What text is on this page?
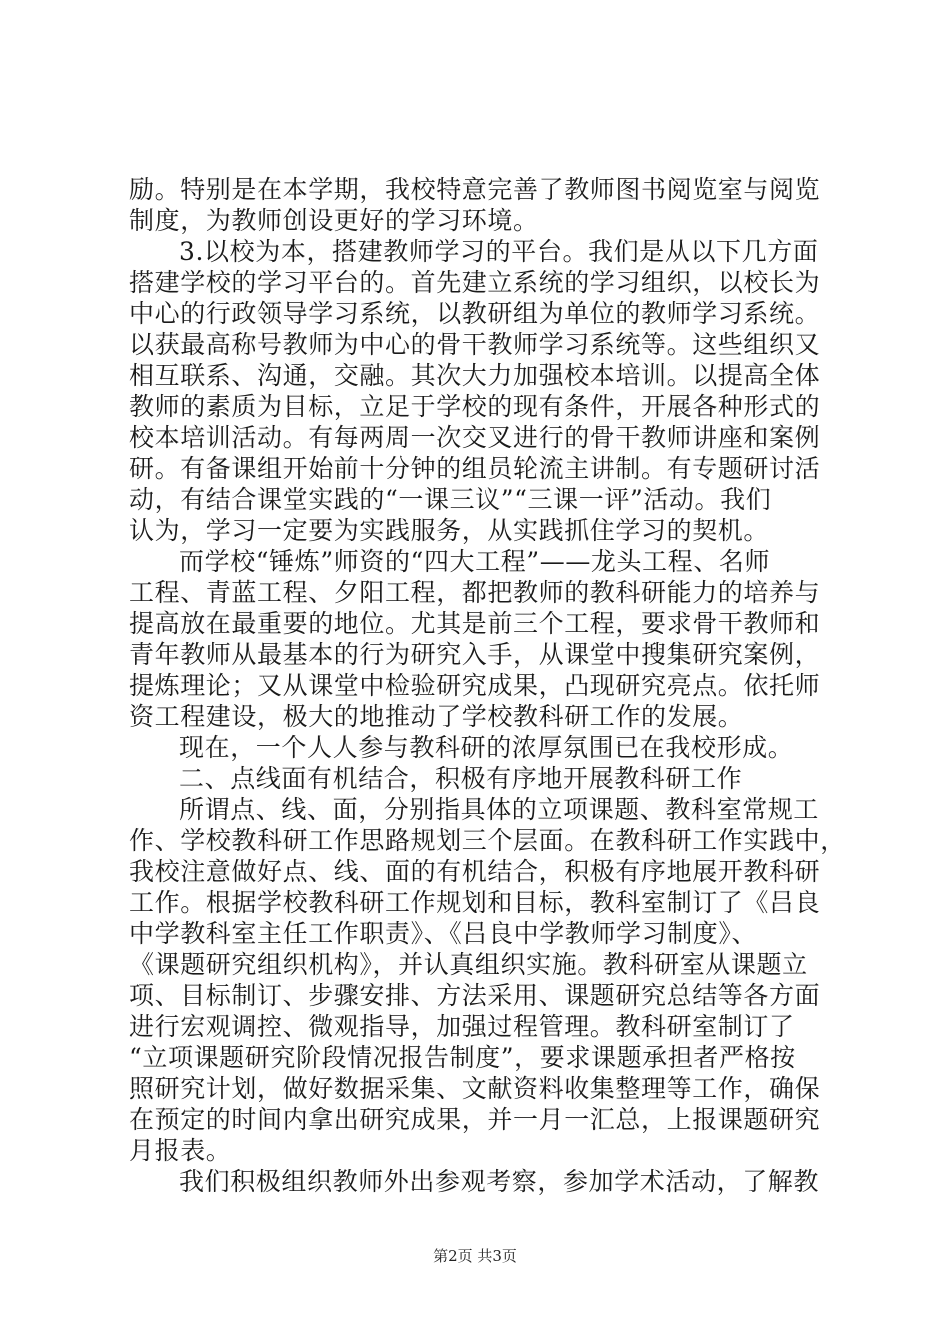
励。特别是在本学期，我校特意完善了教师图书阅览室与阅览
制度，为教师创设更好的学习环境。
3.以校为本，搭建教师学习的平台。我们是从以下几方面
搭建学校的学习平台的。首先建立系统的学习组织，以校长为
中心的行政领导学习系统，以教研组为单位的教师学习系统。
以获最高称号教师为中心的骨干教师学习系统等。这些组织又
相互联系、沟通，交融。其次大力加强校本培训。以提高全体
教师的素质为目标，立足于学校的现有条件，开展各种形式的
校本培训活动。有每两周一次交叉进行的骨干教师讲座和案例
研。有备课组开始前十分钟的组员轮流主讲制。有专题研讨活
动，有结合课堂实践的“一课三议”“三课一评”活动。我们
认为，学习一定要为实践服务，从实践抓住学习的契机。
而学校“锤炼”师资的“四大工程”——龙头工程、名师
工程、青蓝工程、夕阳工程，都把教师的教科研能力的培养与
提高放在最重要的地位。尤其是前三个工程，要求骨干教师和
青年教师从最基本的行为研究入手，从课堂中搜集研究案例，
提炼理论；又从课堂中检验研究成果，凸现研究亮点。依托师
资工程建设，极大的地推动了学校教科研工作的发展。
现在，一个人人参与教科研的浓厚氛围已在我校形成。
二、点线面有机结合，积极有序地开展教科研工作
所谓点、线、面，分别指具体的立项课题、教科室常规工
作、学校教科研工作思路规划三个层面。在教科研工作实践中，
我校注意做好点、线、面的有机结合，积极有序地展开教科研
工作。根据学校教科研工作规划和目标，教科室制订了《吕良
中学教科室主任工作职责》、《吕良中学教师学习制度》、
《课题研究组织机构》，并认真组织实施。教科研室从课题立
项、目标制订、步骤安排、方法采用、课题研究总结等各方面
进行宏观调控、微观指导，加强过程管理。教科研室制订了
“立项课题研究阶段情况报告制度”，要求课题承担者严格按
照研究计划，做好数据采集、文献资料收集整理等工作，确保
在预定的时间内拿出研究成果，并一月一汇总，上报课题研究
月报表。
我们积极组织教师外出参观考察，参加学术活动，了解教
第2页 共3页
